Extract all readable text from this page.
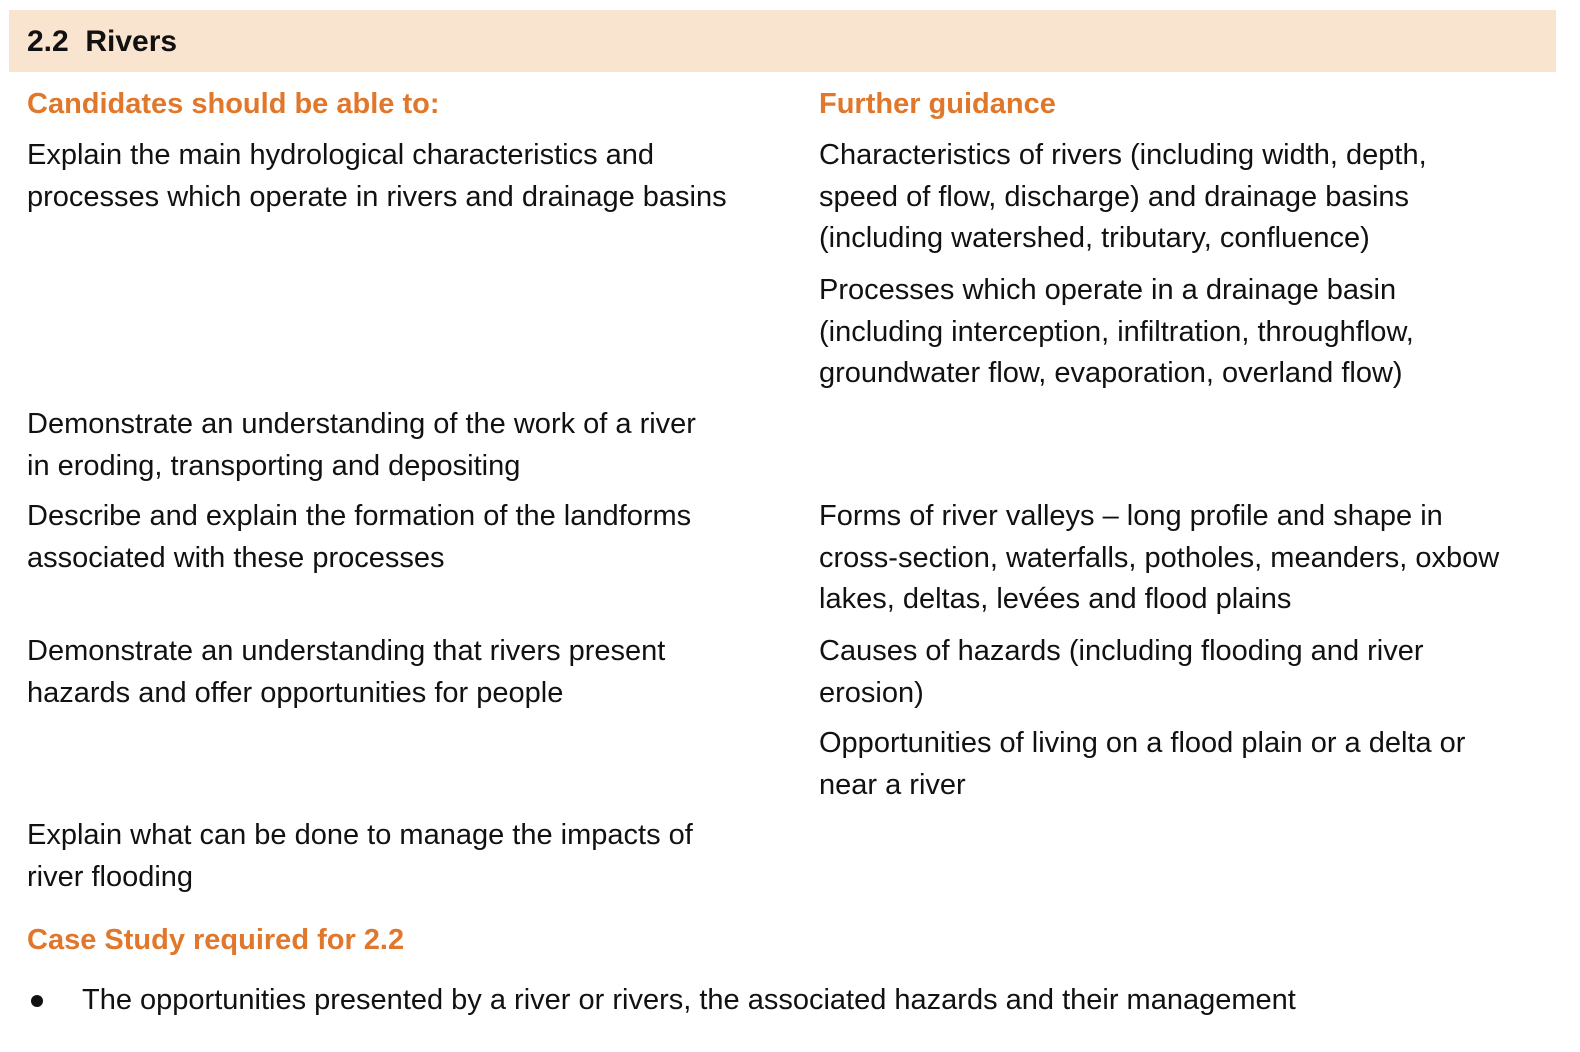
2.2  Rivers
Candidates should be able to:	Further guidance

Explain the main hydrological characteristics and
processes which operate in rivers and drainage basins

Demonstrate an understanding of the work of a river
in eroding, transporting and depositing

Describe and explain the formation of the landforms
associated with these processes

Demonstrate an understanding that rivers present
hazards and offer opportunities for people

Explain what can be done to manage the impacts of
river flooding

Characteristics of rivers (including width, depth,
speed of flow, discharge) and drainage basins
(including watershed, tributary, confluence)

Processes which operate in a drainage basin
(including interception, infiltration, throughflow,
groundwater flow, evaporation, overland flow)

Forms of river valleys – long profile and shape in
cross-section, waterfalls, potholes, meanders, oxbow
lakes, deltas, levées and flood plains

Causes of hazards (including flooding and river
erosion)

Opportunities of living on a flood plain or a delta or
near a river

Case Study required for 2.2
The opportunities presented by a river or rivers, the associated hazards and their management
